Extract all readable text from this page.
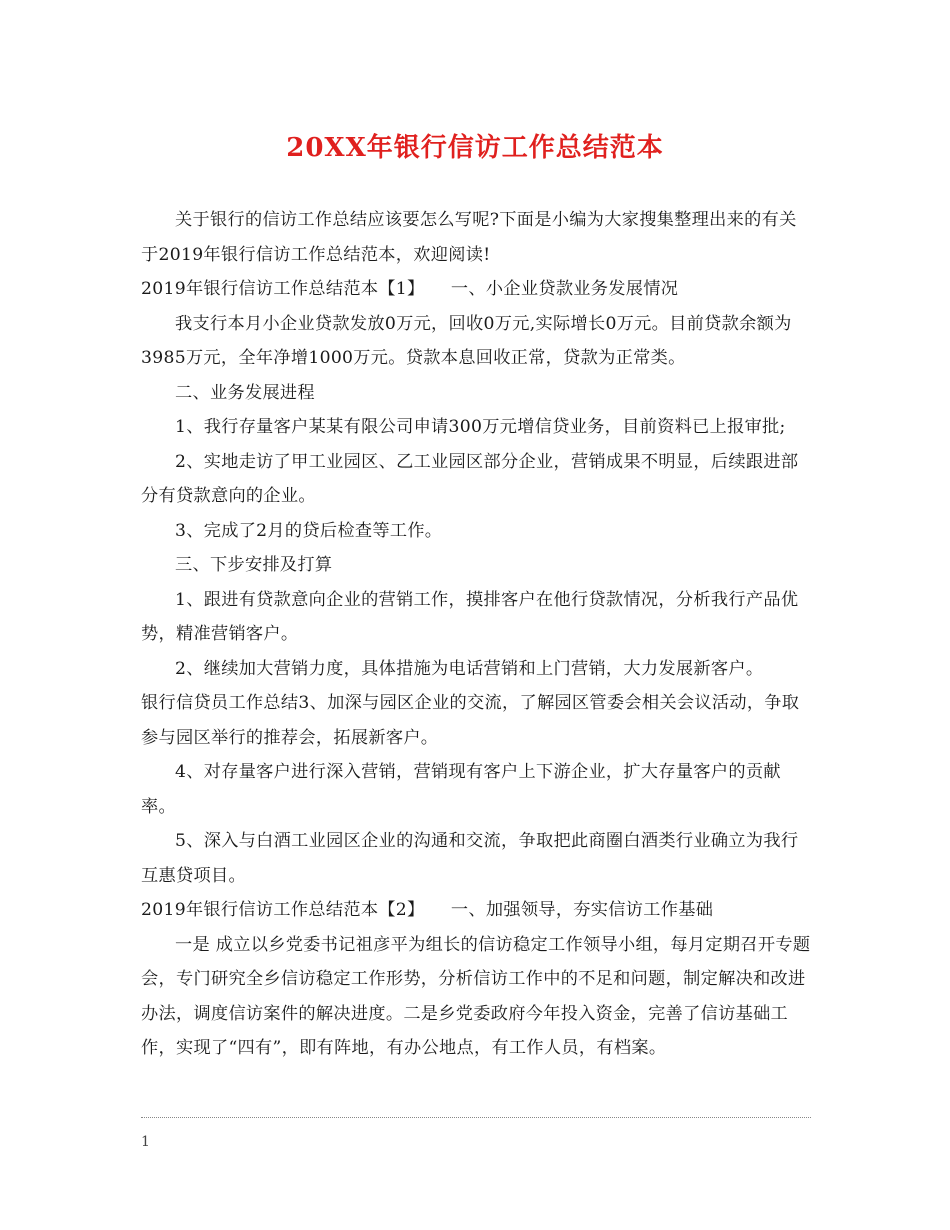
20XX年银行信访工作总结范本

关于银行的信访工作总结应该要怎么写呢?下面是小编为大家搜集整理出来的有关于2019年银行信访工作总结范本，欢迎阅读!

2019年银行信访工作总结范本【1】　　一、小企业贷款业务发展情况

我支行本月小企业贷款发放0万元，回收0万元,实际增长0万元。目前贷款余额为3985万元，全年净增1000万元。贷款本息回收正常，贷款为正常类。

二、业务发展进程

1、我行存量客户某某有限公司申请300万元增信贷业务，目前资料已上报审批;

2、实地走访了甲工业园区、乙工业园区部分企业，营销成果不明显，后续跟进部分有贷款意向的企业。

3、完成了2月的贷后检查等工作。

三、下步安排及打算

1、跟进有贷款意向企业的营销工作，摸排客户在他行贷款情况，分析我行产品优势，精准营销客户。

2、继续加大营销力度，具体措施为电话营销和上门营销，大力发展新客户。

银行信贷员工作总结3、加深与园区企业的交流，了解园区管委会相关会议活动，争取参与园区举行的推荐会，拓展新客户。

4、对存量客户进行深入营销，营销现有客户上下游企业，扩大存量客户的贡献率。

5、深入与白酒工业园区企业的沟通和交流，争取把此商圈白酒类行业确立为我行互惠贷项目。

2019年银行信访工作总结范本【2】　　一、加强领导，夯实信访工作基础

一是 成立以乡党委书记祖彦平为组长的信访稳定工作领导小组，每月定期召开专题会，专门研究全乡信访稳定工作形势，分析信访工作中的不足和问题，制定解决和改进办法，调度信访案件的解决进度。二是乡党委政府今年投入资金，完善了信访基础工作，实现了“四有”，即有阵地，有办公地点，有工作人员，有档案。

1
